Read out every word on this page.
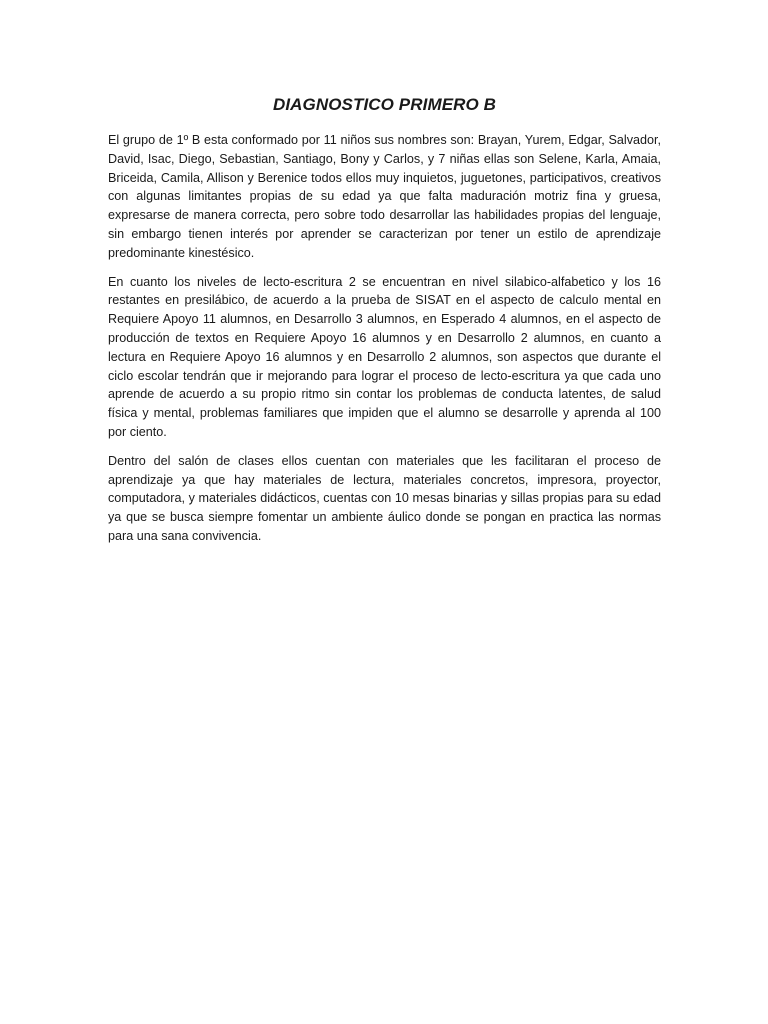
DIAGNOSTICO PRIMERO B

El grupo de 1º B esta conformado por 11 niños sus nombres son: Brayan, Yurem, Edgar, Salvador, David, Isac, Diego, Sebastian, Santiago, Bony y Carlos, y 7 niñas ellas son Selene, Karla, Amaia, Briceida, Camila, Allison y Berenice todos ellos muy inquietos, juguetones, participativos, creativos con algunas limitantes propias de su edad ya que falta maduración motriz fina y gruesa, expresarse de manera correcta, pero sobre todo desarrollar las habilidades propias del lenguaje, sin embargo tienen interés por aprender se caracterizan por tener un estilo de aprendizaje predominante kinestésico.

En cuanto los niveles de lecto-escritura 2 se encuentran en nivel silabico-alfabetico y los 16 restantes en presilábico, de acuerdo a la prueba de SISAT en el aspecto de calculo mental en Requiere Apoyo 11 alumnos, en Desarrollo 3 alumnos, en Esperado 4 alumnos, en el aspecto de producción de textos en Requiere Apoyo 16 alumnos y en Desarrollo 2 alumnos, en cuanto a lectura en Requiere Apoyo 16 alumnos y en Desarrollo 2 alumnos, son aspectos que durante el ciclo escolar tendrán que ir mejorando para lograr el proceso de lecto-escritura ya que cada uno aprende de acuerdo a su propio ritmo sin contar los problemas de conducta latentes, de salud física y mental, problemas familiares que impiden que el alumno se desarrolle y aprenda al 100 por ciento.

Dentro del salón de clases ellos cuentan con materiales que les facilitaran el proceso de aprendizaje ya que hay materiales de lectura, materiales concretos, impresora, proyector, computadora, y materiales didácticos, cuentas con 10 mesas binarias y sillas propias para su edad ya que se busca siempre fomentar un ambiente áulico donde se pongan en practica las normas para una sana convivencia.
